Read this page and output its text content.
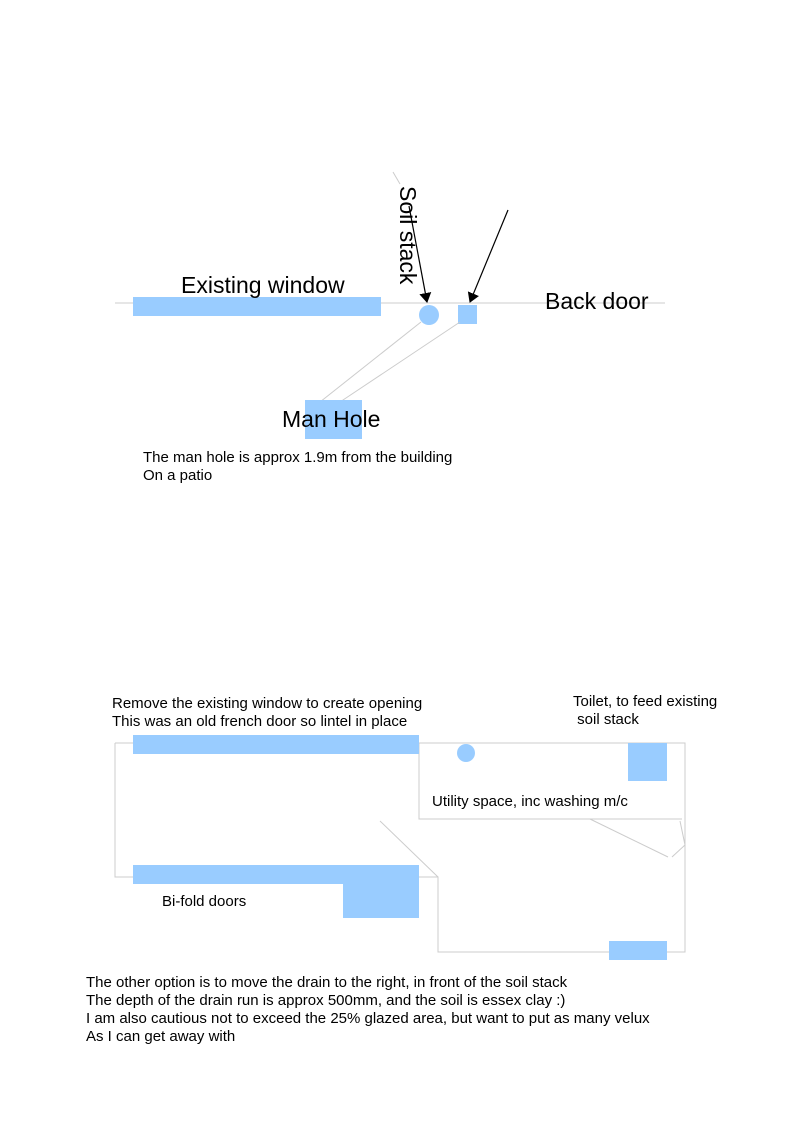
Existing window
Soil stack
Back door
Man Hole
The man hole is approx 1.9m from the building
On a patio
Remove the existing window to create opening
This was an old french door so lintel in place
Toilet, to feed existing
soil stack
Utility space, inc washing m/c
Bi-fold doors
The other option is to move the drain to the right, in front of the soil stack
The depth of the drain run is approx 500mm, and the soil is essex clay :)
I am also cautious not to exceed the 25% glazed area, but want to put as many velux
As I can get away with
